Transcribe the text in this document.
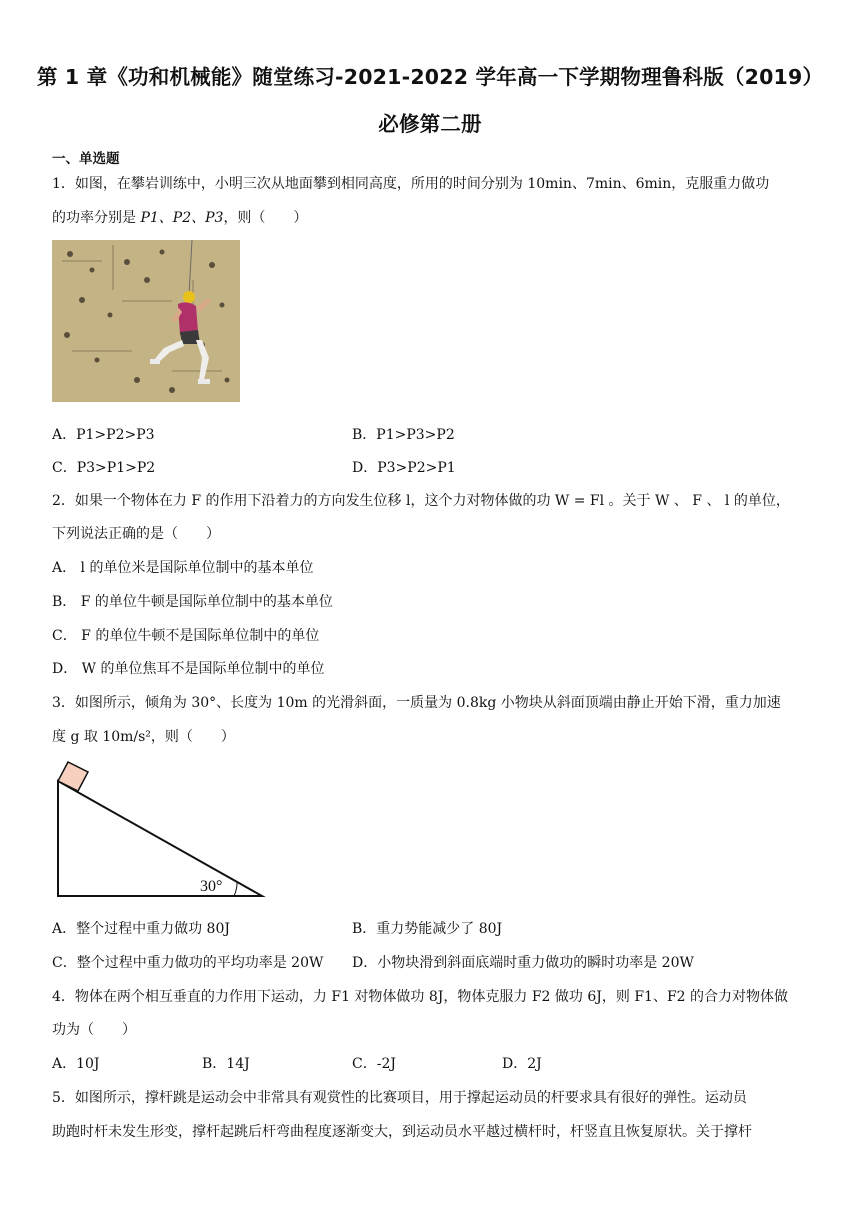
第 1 章《功和机械能》随堂练习-2021-2022 学年高一下学期物理鲁科版（2019）
必修第二册
一、单选题
1．如图，在攀岩训练中，小明三次从地面攀到相同高度，所用的时间分别为 10min、7min、6min，克服重力做功
的功率分别是 P1、P2、P3，则（　　）
A．P1>P2>P3	B．P1>P3>P2
C．P3>P1>P2	D．P3>P2>P1
2．如果一个物体在力 F 的作用下沿着力的方向发生位移 l，这个力对物体做的功 W = Fl 。关于 W 、 F 、 l 的单位，
下列说法正确的是（　　）
A． l 的单位米是国际单位制中的基本单位
B． F 的单位牛顿是国际单位制中的基本单位
C． F 的单位牛顿不是国际单位制中的单位
D． W 的单位焦耳不是国际单位制中的单位
3．如图所示，倾角为 30°、长度为 10m 的光滑斜面，一质量为 0.8kg 小物块从斜面顶端由静止开始下滑，重力加速
度 g 取 10m/s²，则（　　）
30°
A．整个过程中重力做功 80J	B．重力势能减少了 80J
C．整个过程中重力做功的平均功率是 20W D．小物块滑到斜面底端时重力做功的瞬时功率是 20W
4．物体在两个相互垂直的力作用下运动，力 F1 对物体做功 8J，物体克服力 F2 做功 6J，则 F1、F2 的合力对物体做
功为（　　）
A．10J	B．14J	C．-2J	D．2J
5．如图所示，撑杆跳是运动会中非常具有观赏性的比赛项目，用于撑起运动员的杆要求具有很好的弹性。运动员
助跑时杆未发生形变，撑杆起跳后杆弯曲程度逐渐变大，到运动员水平越过横杆时，杆竖直且恢复原状。关于撑杆
